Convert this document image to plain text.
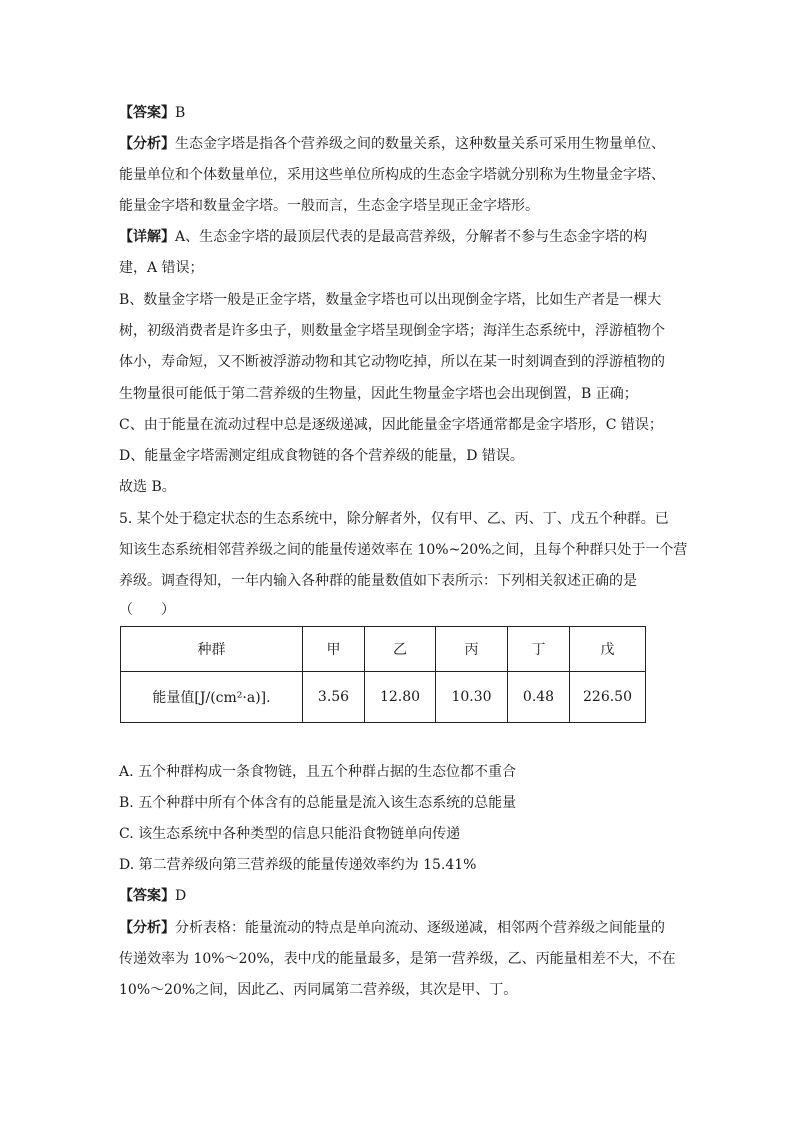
【答案】B

【分析】生态金字塔是指各个营养级之间的数量关系，这种数量关系可采用生物量单位、

能量单位和个体数量单位，采用这些单位所构成的生态金字塔就分别称为生物量金字塔、

能量金字塔和数量金字塔。一般而言，生态金字塔呈现正金字塔形。

【详解】A、生态金字塔的最顶层代表的是最高营养级，分解者不参与生态金字塔的构

建，A 错误；

B、数量金字塔一般是正金字塔，数量金字塔也可以出现倒金字塔，比如生产者是一棵大

树，初级消费者是许多虫子，则数量金字塔呈现倒金字塔；海洋生态系统中，浮游植物个

体小，寿命短，又不断被浮游动物和其它动物吃掉，所以在某一时刻调查到的浮游植物的

生物量很可能低于第二营养级的生物量，因此生物量金字塔也会出现倒置，B 正确；

C、由于能量在流动过程中总是逐级递减，因此能量金字塔通常都是金字塔形，C 错误；

D、能量金字塔需测定组成食物链的各个营养级的能量，D 错误。

故选 B。

5. 某个处于稳定状态的生态系统中，除分解者外，仅有甲、乙、丙、丁、戊五个种群。已

知该生态系统相邻营养级之间的能量传递效率在 10%~20%之间，且每个种群只处于一个营

养级。调查得知，一年内输入各种群的能量数值如下表所示：下列相关叙述正确的是

（　　）

种群	甲	乙	丙	丁	戊
能量值[J/(cm²·a)].	3.56	12.80	10.30	0.48	226.50

A. 五个种群构成一条食物链，且五个种群占据的生态位都不重合

B. 五个种群中所有个体含有的总能量是流入该生态系统的总能量

C. 该生态系统中各种类型的信息只能沿食物链单向传递

D. 第二营养级向第三营养级的能量传递效率约为 15.41%

【答案】D

【分析】分析表格：能量流动的特点是单向流动、逐级递减，相邻两个营养级之间能量的

传递效率为 10%～20%，表中戊的能量最多，是第一营养级，乙、丙能量相差不大，不在

10%～20%之间，因此乙、丙同属第二营养级，其次是甲、丁。
